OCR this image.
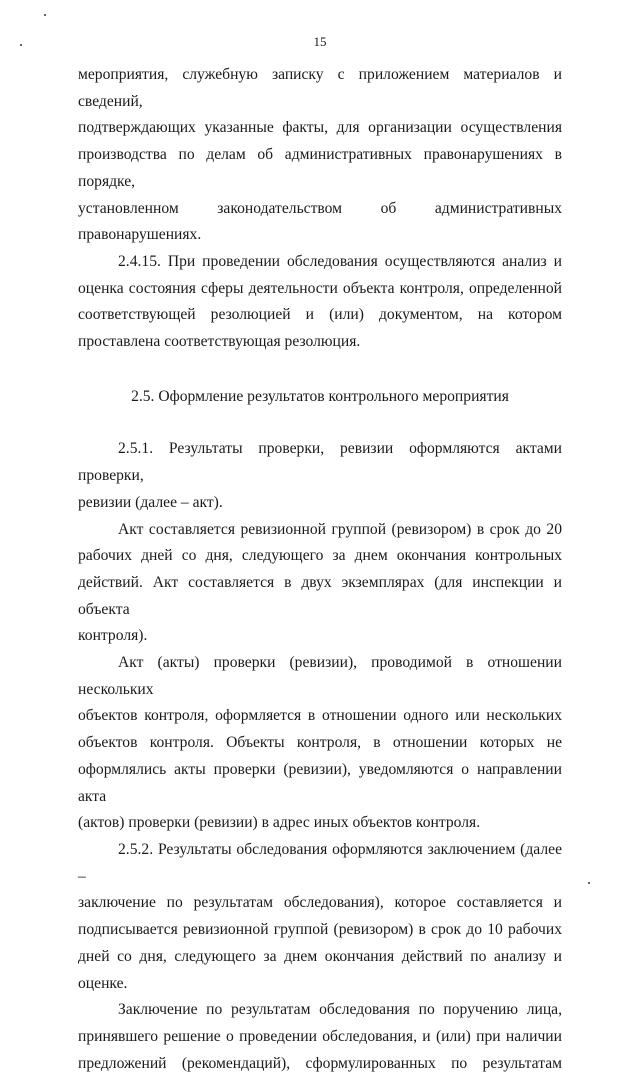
15

мероприятия, служебную записку с приложением материалов и сведений,

подтверждающих указанные факты, для организации осуществления

производства по делам об административных правонарушениях в порядке,

установленном законодательством об административных

правонарушениях.

2.4.15. При проведении обследования осуществляются анализ и

оценка состояния сферы деятельности объекта контроля, определенной

соответствующей резолюцией и (или) документом, на котором

проставлена соответствующая резолюция.

2.5. Оформление результатов контрольного мероприятия

2.5.1. Результаты проверки, ревизии оформляются актами проверки,

ревизии (далее – акт).

Акт составляется ревизионной группой (ревизором) в срок до 20

рабочих дней со дня, следующего за днем окончания контрольных

действий. Акт составляется в двух экземплярах (для инспекции и объекта

контроля).

Акт (акты) проверки (ревизии), проводимой в отношении нескольких

объектов контроля, оформляется в отношении одного или нескольких

объектов контроля. Объекты контроля, в отношении которых не

оформлялись акты проверки (ревизии), уведомляются о направлении акта

(актов) проверки (ревизии) в адрес иных объектов контроля.

2.5.2. Результаты обследования оформляются заключением (далее –

заключение по результатам обследования), которое составляется и

подписывается ревизионной группой (ревизором) в срок до 10 рабочих

дней со дня, следующего за днем окончания действий по анализу и оценке.

Заключение по результатам обследования по поручению лица,

принявшего решение о проведении обследования, и (или) при наличии

предложений (рекомендаций), сформулированных по результатам
